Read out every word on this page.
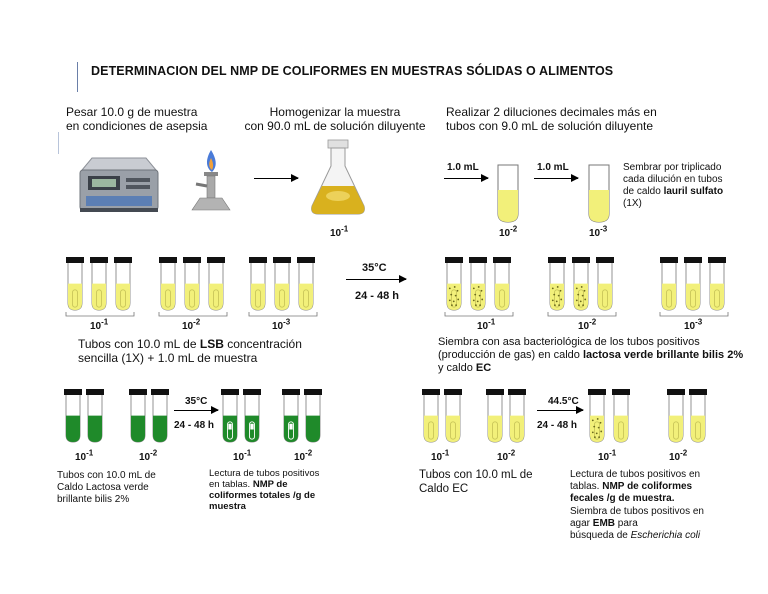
DETERMINACION DEL NMP DE COLIFORMES EN MUESTRAS SÓLIDAS O ALIMENTOS
Pesar 10.0 g de muestra
en condiciones de asepsia
Homogenizar la muestra
con 90.0 mL de solución diluyente
Realizar 2 diluciones decimales más en
tubos con 9.0 mL de solución diluyente
Sembrar por triplicado
cada dilución en tubos
de caldo lauril sulfato
(1X)
1.0 mL	1.0 mL
35°C
24 - 48 h
35°C
24 - 48 h
44.5°C
24 - 48 h
$10^{-1}$	$10^{-2}$	$10^{-3}$
$10^{-1}$	$10^{-2}$	$10^{-3}$	$10^{-1}$	$10^{-2}$	$10^{-3}$
$10^{-1}$	$10^{-2}$	$10^{-1}$	$10^{-2}$	$10^{-1}$	$10^{-2}$	$10^{-1}$	$10^{-2}$
Tubos con 10.0 mL de LSB concentración
sencilla (1X) + 1.0 mL de muestra
Siembra con asa bacteriológica de los tubos positivos
(producción de gas) en caldo lactosa verde brillante bilis 2%
y caldo EC
Tubos con 10.0 mL de
Caldo Lactosa verde
brillante bilis 2%
Lectura de tubos positivos
en tablas. NMP de
coliformes totales /g de
muestra
Tubos con 10.0 mL de
Caldo EC
Lectura de tubos positivos en
tablas. NMP de coliformes
fecales /g de muestra.
Siembra de tubos positivos en
agar EMB para
búsqueda de Escherichia coli
